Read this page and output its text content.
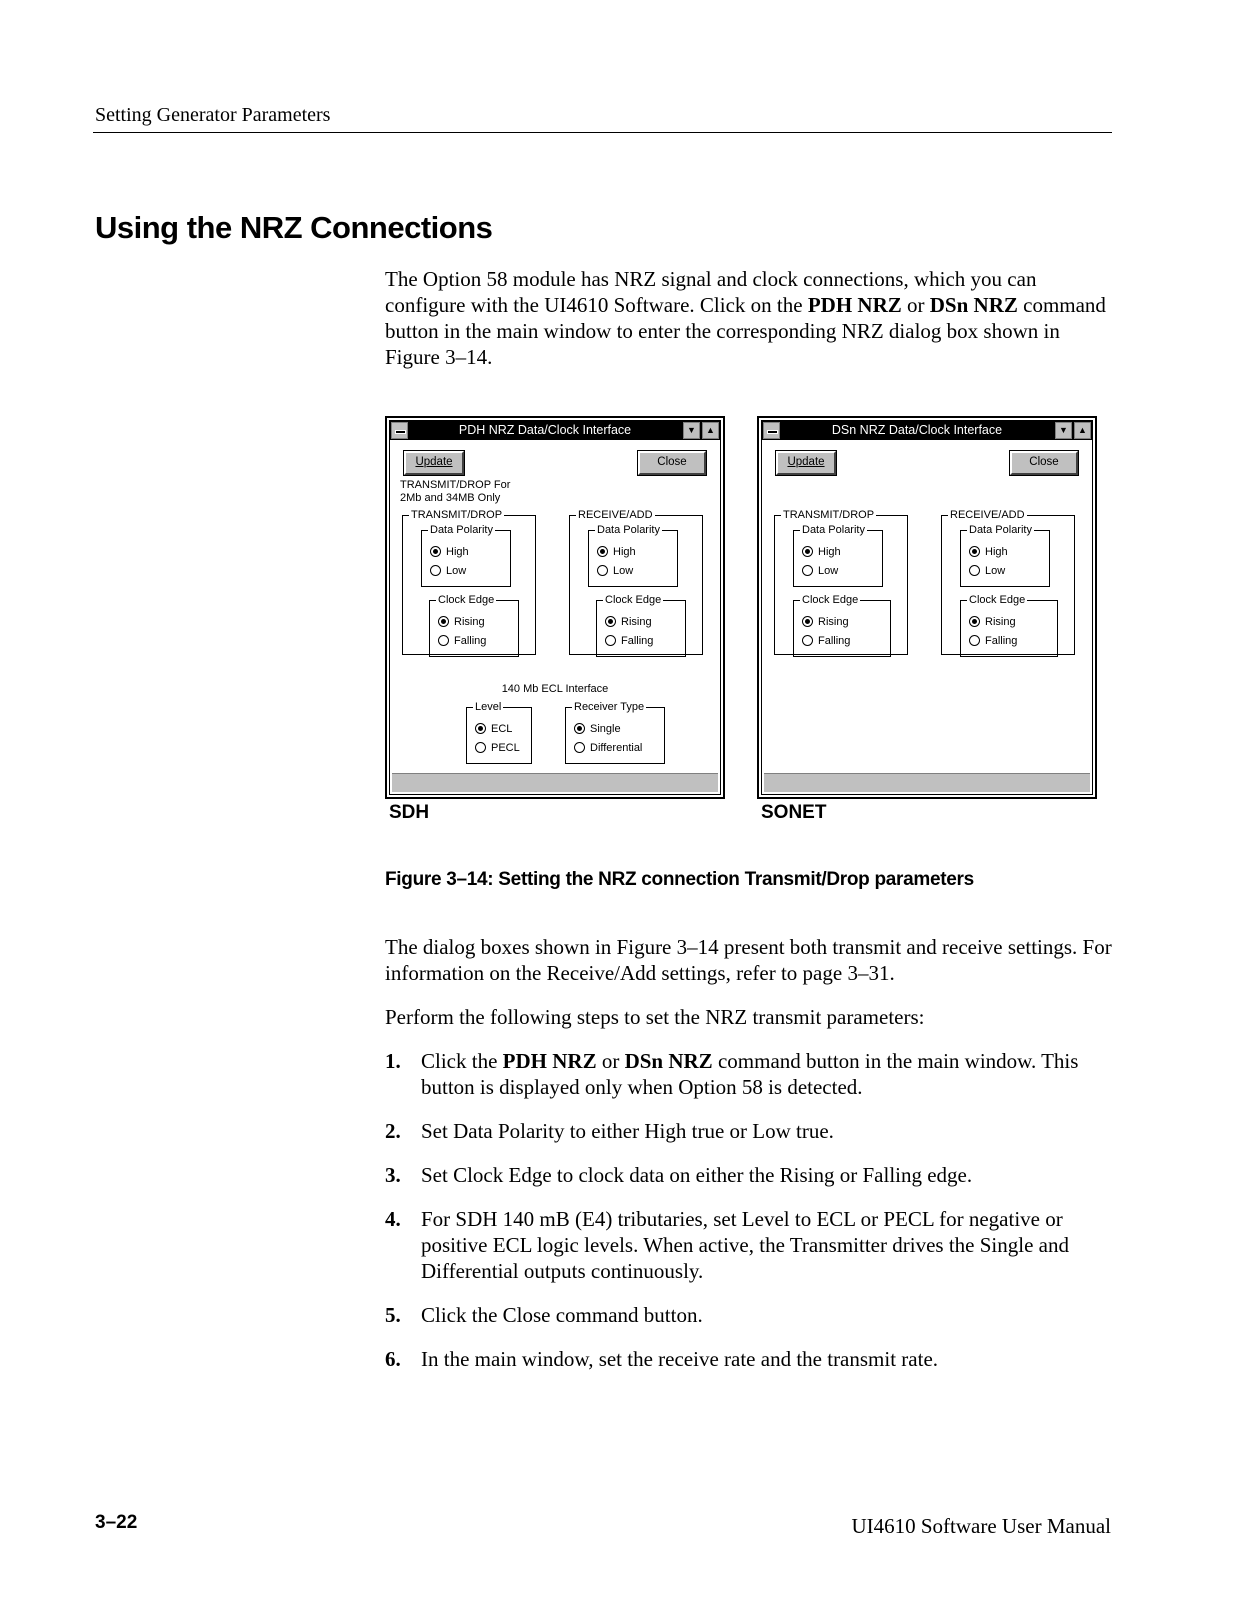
Setting Generator Parameters
Using the NRZ Connections
The Option 58 module has NRZ signal and clock connections, which you can configure with the UI4610 Software. Click on the PDH NRZ or DSn NRZ command button in the main window to enter the corresponding NRZ dialog box shown in Figure 3–14.
PDH NRZ Data/Clock Interface	▼	▲
Update	Close
TRANSMIT/DROP For
2Mb and 34MB Only
TRANSMIT/DROP
Data Polarity
High
Low
Clock Edge
Rising
Falling
RECEIVE/ADD
Data Polarity
High
Low
Clock Edge
Rising
Falling
140 Mb ECL Interface
Level
ECL
PECL
Receiver Type
Single
Differential
SDH
DSn NRZ Data/Clock Interface	▼	▲
Update	Close
TRANSMIT/DROP
Data Polarity
High
Low
Clock Edge
Rising
Falling
RECEIVE/ADD
Data Polarity
High
Low
Clock Edge
Rising
Falling
SONET
Figure 3–14: Setting the NRZ connection Transmit/Drop parameters
The dialog boxes shown in Figure 3–14 present both transmit and receive settings. For information on the Receive/Add settings, refer to page 3–31.
Perform the following steps to set the NRZ transmit parameters:
1. Click the PDH NRZ or DSn NRZ command button in the main window. This button is displayed only when Option 58 is detected.
2. Set Data Polarity to either High true or Low true.
3. Set Clock Edge to clock data on either the Rising or Falling edge.
4. For SDH 140 mB (E4) tributaries, set Level to ECL or PECL for negative or positive ECL logic levels. When active, the Transmitter drives the Single and Differential outputs continuously.
5. Click the Close command button.
6. In the main window, set the receive rate and the transmit rate.
3–22	UI4610 Software User Manual
